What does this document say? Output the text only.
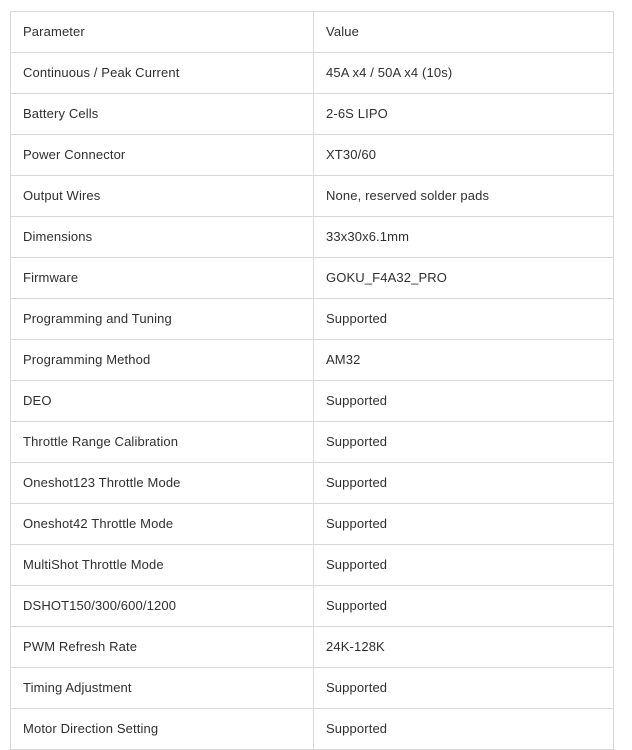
Parameter	Value
Continuous / Peak Current	45A x4 / 50A x4 (10s)
Battery Cells	2-6S LIPO
Power Connector	XT30/60
Output Wires	None, reserved solder pads
Dimensions	33x30x6.1mm
Firmware	GOKU_F4A32_PRO
Programming and Tuning	Supported
Programming Method	AM32
DEO	Supported
Throttle Range Calibration	Supported
Oneshot123 Throttle Mode	Supported
Oneshot42 Throttle Mode	Supported
MultiShot Throttle Mode	Supported
DSHOT150/300/600/1200	Supported
PWM Refresh Rate	24K-128K
Timing Adjustment	Supported
Motor Direction Setting	Supported
